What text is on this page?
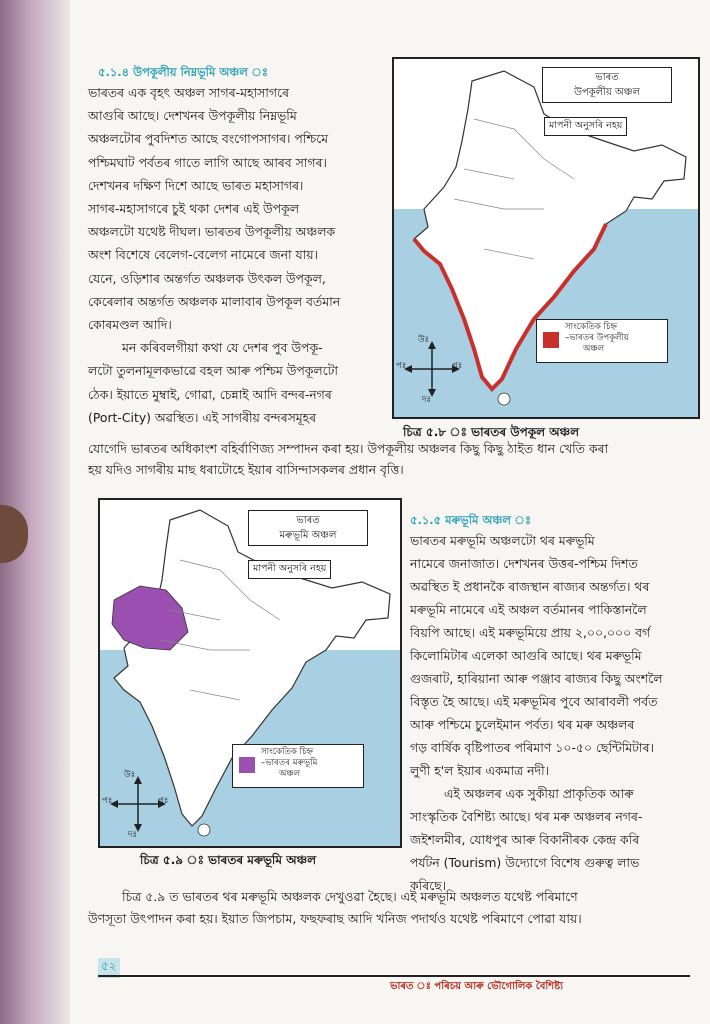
৫.১.৪ উপকূলীয় নিম্নভূমি অঞ্চল ঃ
ভাৰতৰ এক বৃহৎ অঞ্চল সাগৰ-মহাসাগৰে
আগুৰি আছে। দেশখনৰ উপকূলীয় নিম্নভূমি
অঞ্চলটোৰ পুবদিশত আছে বংগোপসাগৰ। পশ্চিমে
পশ্চিমঘাট পৰ্বতৰ গাতে লাগি আছে আৰব সাগৰ।
দেশখনৰ দক্ষিণ দিশে আছে ভাৰত মহাসাগৰ।
সাগৰ-মহাসাগৰে চুই থকা দেশৰ এই উপকূল
অঞ্চলটো যথেষ্ট দীঘল। ভাৰতৰ উপকূলীয় অঞ্চলক
অংশ বিশেষে বেলেগ-বেলেগ নামেৰে জনা যায়।
যেনে, ওড়িশাৰ অন্তৰ্গত অঞ্চলক উৎকল উপকূল,
কেৰেলাৰ অন্তৰ্গত অঞ্চলক মালাবাৰ উপকূল বৰ্তমান
কোৰমণ্ডল আদি।
মন কৰিবলগীয়া কথা যে দেশৰ পুব উপকূ-
লটো তুলনামূলকভাৱে বহল আৰু পশ্চিম উপকূলটো
ঠেক। ইয়াতে মুম্বাই, গোৱা, চেন্নাই আদি বন্দৰ-নগৰ
(Port-City) অৱস্থিত। এই সাগৰীয় বন্দৰসমূহৰ
ভাৰত
উপকূলীয় অঞ্চল
মাপনী অনুসৰি নহয়
সাংকেতিক চিহ্ন
–ভাৰতৰ উপকূলীয়
অঞ্চল
উঃ
দঃ
পুঃ
পঃ
চিত্ৰ ৫.৮ ঃ ভাৰতৰ উপকূল অঞ্চল
যোগেদি ভাৰতৰ অধিকাংশ বহিৰ্বাণিজ্য সম্পাদন কৰা হয়। উপকূলীয় অঞ্চলৰ কিছু কিছু ঠাইত ধান খেতি কৰা
হয় যদিও সাগৰীয় মাছ ধৰাটোহে ইয়াৰ বাসিন্দাসকলৰ প্ৰধান বৃত্তি।
ভাৰত
মৰুভূমি অঞ্চল
মাপনী অনুসৰি নহয়
সাংকেতিক চিহ্ন
–ভাৰতৰ মৰুভূমি
অঞ্চল
উঃ
দঃ
পুঃ
পঃ
চিত্ৰ ৫.৯ ঃ ভাৰতৰ মৰুভূমি অঞ্চল
৫.১.৫ মৰুভূমি অঞ্চল ঃ
ভাৰতৰ মৰুভূমি অঞ্চলটো থৰ মৰুভূমি
নামেৰে জনাজাত। দেশখনৰ উত্তৰ-পশ্চিম দিশত
অৱস্থিত ই প্ৰধানকৈ ৰাজস্থান ৰাজ্যৰ অন্তৰ্গত। থৰ
মৰুভূমি নামেৰে এই অঞ্চল বৰ্তমানৰ পাকিস্তানলৈ
বিয়পি আছে। এই মৰুভূমিয়ে প্ৰায় ২,০০,০০০ বৰ্গ
কিলোমিটাৰ এলেকা আগুৰি আছে। থৰ মৰুভূমি
গুজৰাট, হাৰিয়ানা আৰু পঞ্জাব ৰাজ্যৰ কিছু অংশলৈ
বিস্তৃত হৈ আছে। এই মৰুভূমিৰ পুবে আৰাবলী পৰ্বত
আৰু পশ্চিমে চুলেইমান পৰ্বত। থৰ মৰু অঞ্চলৰ
গড় বাৰ্ষিক বৃষ্টিপাতৰ পৰিমাণ ১০-৫০ ছেন্টিমিটাৰ।
লুণী হ'ল ইয়াৰ একমাত্ৰ নদী।
এই অঞ্চলৰ এক সুকীয়া প্ৰাকৃতিক আৰু
সাংস্কৃতিক বৈশিষ্ট্য আছে। থৰ মৰু অঞ্চলৰ নগৰ-
জইশলমীৰ, যোধপুৰ আৰু বিকানীৰক কেন্দ্ৰ কৰি
পৰ্যটন (Tourism) উদ্যোগে বিশেষ গুৰুত্ব লাভ
কৰিছে।
চিত্ৰ ৫.৯ ত ভাৰতৰ থৰ মৰুভূমি অঞ্চলক দেখুওৱা হৈছে। এই মৰুভূমি অঞ্চলত যথেষ্ট পৰিমাণে
উণসূতা উৎপাদন কৰা হয়। ইয়াত জিপচাম, ফছফৰাছ আদি খনিজ পদাৰ্থও যথেষ্ট পৰিমাণে পোৱা যায়।
৫২
ভাৰত ঃ পৰিচয় আৰু ভৌগোলিক বৈশিষ্ট্য
